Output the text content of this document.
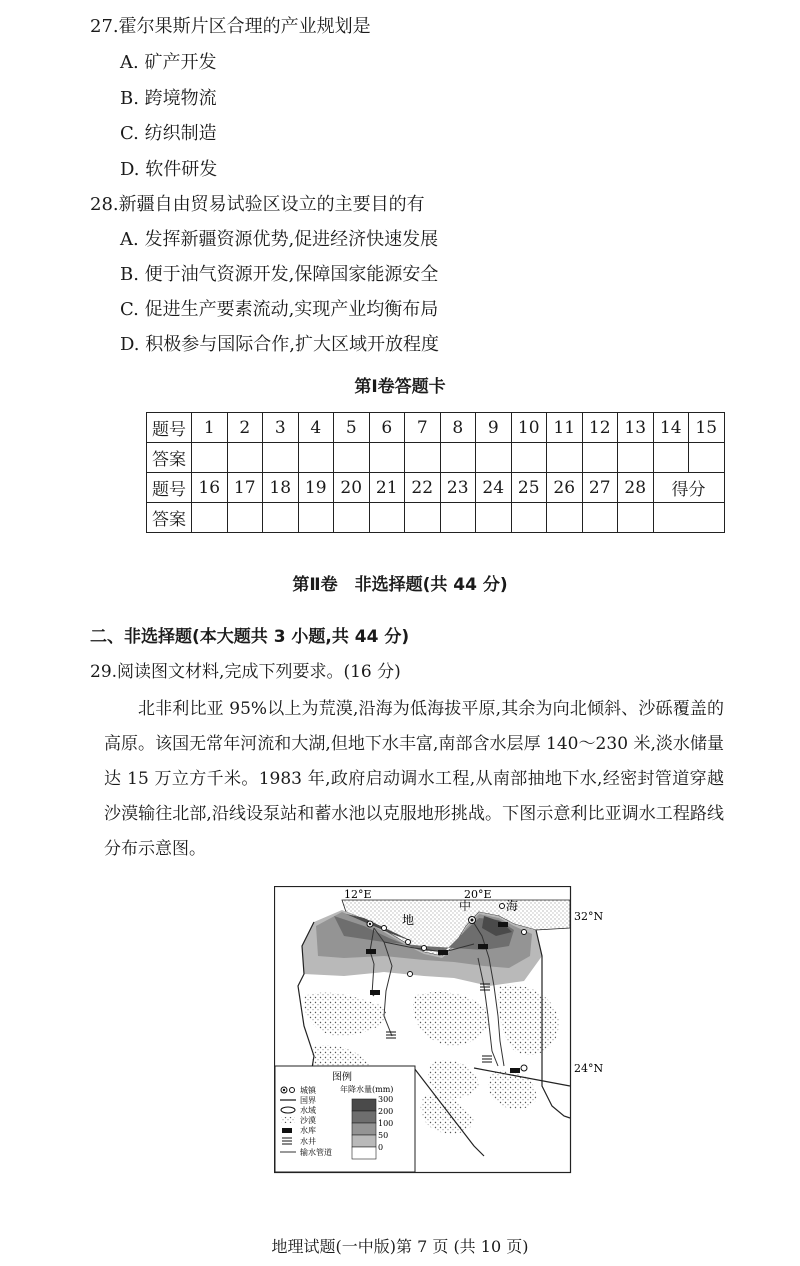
27.霍尔果斯片区合理的产业规划是
A. 矿产开发
B. 跨境物流
C. 纺织制造
D. 软件研发
28.新疆自由贸易试验区设立的主要目的有
A. 发挥新疆资源优势,促进经济快速发展
B. 便于油气资源开发,保障国家能源安全
C. 促进生产要素流动,实现产业均衡布局
D. 积极参与国际合作,扩大区域开放程度
第Ⅰ卷答题卡
题号	1	2	3	4	5	6	7	8	9	10	11	12	13	14	15
答案															
题号	16	17	18	19	20	21	22	23	24	25	26	27	28	得分	
答案															
第Ⅱ卷　非选择题(共 44 分)
二、非选择题(本大题共 3 小题,共 44 分)
29.阅读图文材料,完成下列要求。(16 分)

北非利比亚 95%以上为荒漠,沿海为低海拔平原,其余为向北倾斜、沙砾覆盖的高原。该国无常年河流和大湖,但地下水丰富,南部含水层厚 140～230 米,淡水储量达 15 万立方千米。1983 年,政府启动调水工程,从南部抽地下水,经密封管道穿越沙漠输往北部,沿线设泵站和蓄水池以克服地形挑战。下图示意利比亚调水工程路线分布示意图。

12°E	20°E
32°N
24°N
地
中	海
图例
城镇
国界
水域
沙漠
水库
水井
输水管道
年降水量(mm)
300
200
100
50
0
地理试题(一中版)第 7 页 (共 10 页)
